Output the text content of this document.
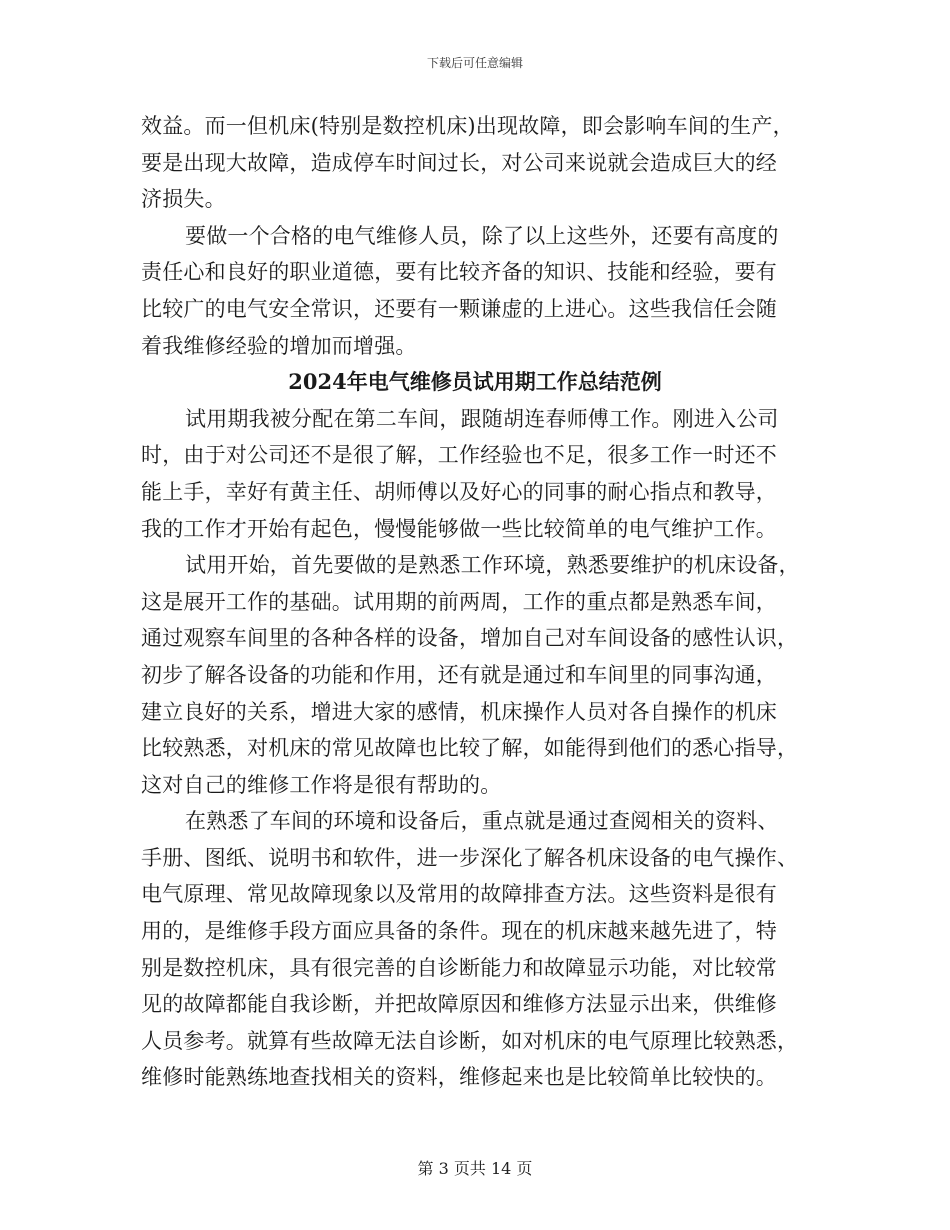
下载后可任意编辑
效益。而一但机床(特别是数控机床)出现故障，即会影响车间的生产，
要是出现大故障，造成停车时间过长，对公司来说就会造成巨大的经
济损失。
要做一个合格的电气维修人员，除了以上这些外，还要有高度的
责任心和良好的职业道德，要有比较齐备的知识、技能和经验，要有
比较广的电气安全常识，还要有一颗谦虚的上进心。这些我信任会随
着我维修经验的增加而增强。
2024年电气维修员试用期工作总结范例
试用期我被分配在第二车间，跟随胡连春师傅工作。刚进入公司
时，由于对公司还不是很了解，工作经验也不足，很多工作一时还不
能上手，幸好有黄主任、胡师傅以及好心的同事的耐心指点和教导，
我的工作才开始有起色，慢慢能够做一些比较简单的电气维护工作。
试用开始，首先要做的是熟悉工作环境，熟悉要维护的机床设备，
这是展开工作的基础。试用期的前两周，工作的重点都是熟悉车间，
通过观察车间里的各种各样的设备，增加自己对车间设备的感性认识，
初步了解各设备的功能和作用，还有就是通过和车间里的同事沟通，
建立良好的关系，增进大家的感情，机床操作人员对各自操作的机床
比较熟悉，对机床的常见故障也比较了解，如能得到他们的悉心指导，
这对自己的维修工作将是很有帮助的。
在熟悉了车间的环境和设备后，重点就是通过查阅相关的资料、
手册、图纸、说明书和软件，进一步深化了解各机床设备的电气操作、
电气原理、常见故障现象以及常用的故障排查方法。这些资料是很有
用的，是维修手段方面应具备的条件。现在的机床越来越先进了，特
别是数控机床，具有很完善的自诊断能力和故障显示功能，对比较常
见的故障都能自我诊断，并把故障原因和维修方法显示出来，供维修
人员参考。就算有些故障无法自诊断，如对机床的电气原理比较熟悉，
维修时能熟练地查找相关的资料，维修起来也是比较简单比较快的。
第 3 页共 14 页
